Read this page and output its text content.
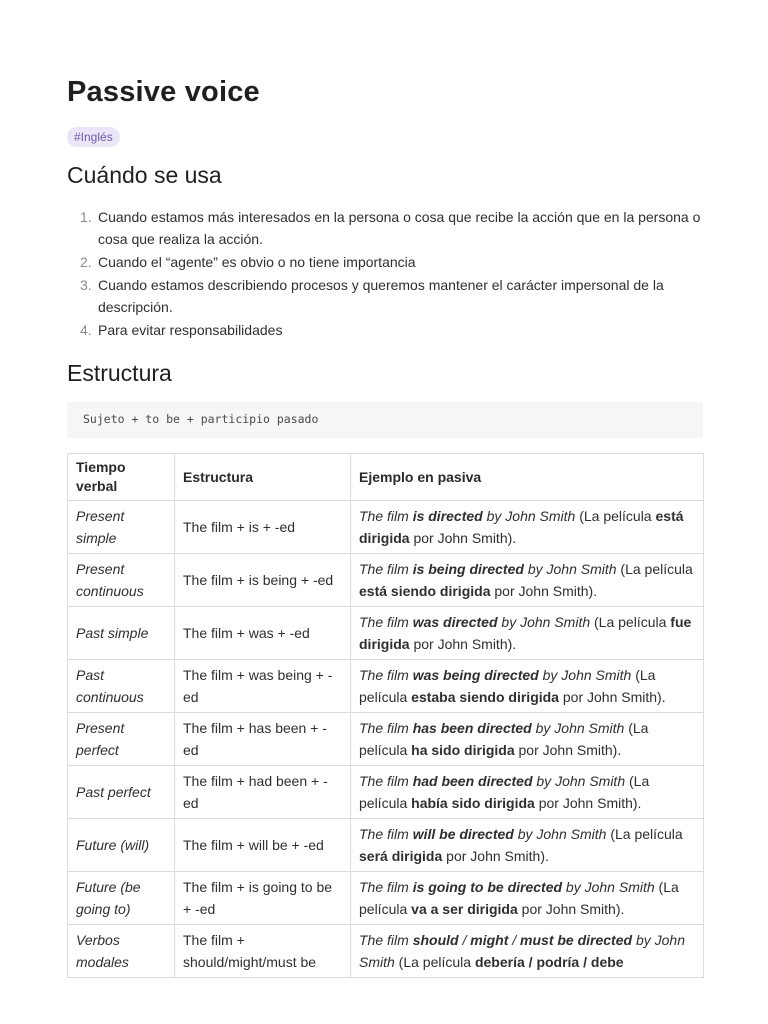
Passive voice
#Inglés
Cuándo se usa
1. Cuando estamos más interesados en la persona o cosa que recibe la acción que en la persona o cosa que realiza la acción.
2. Cuando el “agente” es obvio o no tiene importancia
3. Cuando estamos describiendo procesos y queremos mantener el carácter impersonal de la descripción.
4. Para evitar responsabilidades
Estructura
Sujeto + to be + participio pasado
Tiempo verbal	Estructura	Ejemplo en pasiva
Present simple	The film + is + -ed	The film is directed by John Smith (La película está dirigida por John Smith).
Present continuous	The film + is being + -ed	The film is being directed by John Smith (La película está siendo dirigida por John Smith).
Past simple	The film + was + -ed	The film was directed by John Smith (La película fue dirigida por John Smith).
Past continuous	The film + was being + -ed	The film was being directed by John Smith (La película estaba siendo dirigida por John Smith).
Present perfect	The film + has been + -ed	The film has been directed by John Smith (La película ha sido dirigida por John Smith).
Past perfect	The film + had been + -ed	The film had been directed by John Smith (La película había sido dirigida por John Smith).
Future (will)	The film + will be + -ed	The film will be directed by John Smith (La película será dirigida por John Smith).
Future (be going to)	The film + is going to be + -ed	The film is going to be directed by John Smith (La película va a ser dirigida por John Smith).
Verbos modales	The film + should/might/must be	The film should / might / must be directed by John Smith (La película debería / podría / debe
